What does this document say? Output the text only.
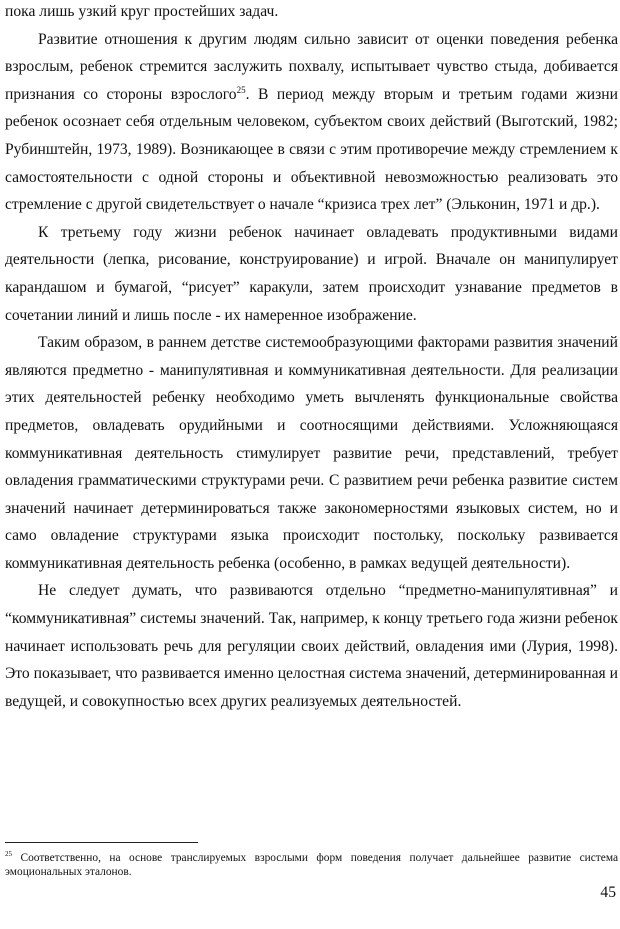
пока лишь узкий круг простейших задач.

Развитие отношения к другим людям сильно зависит от оценки поведения ребенка взрослым, ребенок стремится заслужить похвалу, испытывает чувство стыда, добивается признания со стороны взрослого$^{25}$. В период между вторым и третьим годами жизни ребенок осознает себя отдельным человеком, субъектом своих действий (Выготский, 1982; Рубинштейн, 1973, 1989). Возникающее в связи с этим противоречие между стремлением к самостоятельности с одной стороны и объективной невозможностью реализовать это стремление с другой свидетельствует о начале “кризиса трех лет” (Эльконин, 1971 и др.).

К третьему году жизни ребенок начинает овладевать продуктивными видами деятельности (лепка, рисование, конструирование) и игрой. Вначале он манипулирует карандашом и бумагой, “рисует” каракули, затем происходит узнавание предметов в сочетании линий и лишь после - их намеренное изображение.

Таким образом, в раннем детстве системообразующими факторами развития значений являются предметно - манипулятивная и коммуникативная деятельности. Для реализации этих деятельностей ребенку необходимо уметь вычленять функциональные свойства предметов, овладевать орудийными и соотносящими действиями. Усложняющаяся коммуникативная деятельность стимулирует развитие речи, представлений, требует овладения грамматическими структурами речи. С развитием речи ребенка развитие систем значений начинает детерминироваться также закономерностями языковых систем, но и само овладение структурами языка происходит постольку, поскольку развивается коммуникативная деятельность ребенка (особенно, в рамках ведущей деятельности).

Не следует думать, что развиваются отдельно “предметно-манипулятивная” и “коммуникативная” системы значений. Так, например, к концу третьего года жизни ребенок начинает использовать речь для регуляции своих действий, овладения ими (Лурия, 1998). Это показывает, что развивается именно целостная система значений, детерминированная и ведущей, и совокупностью всех других реализуемых деятельностей.

$^{25}$ Соответственно, на основе транслируемых взрослыми форм поведения получает дальнейшее развитие система эмоциональных эталонов.

45
